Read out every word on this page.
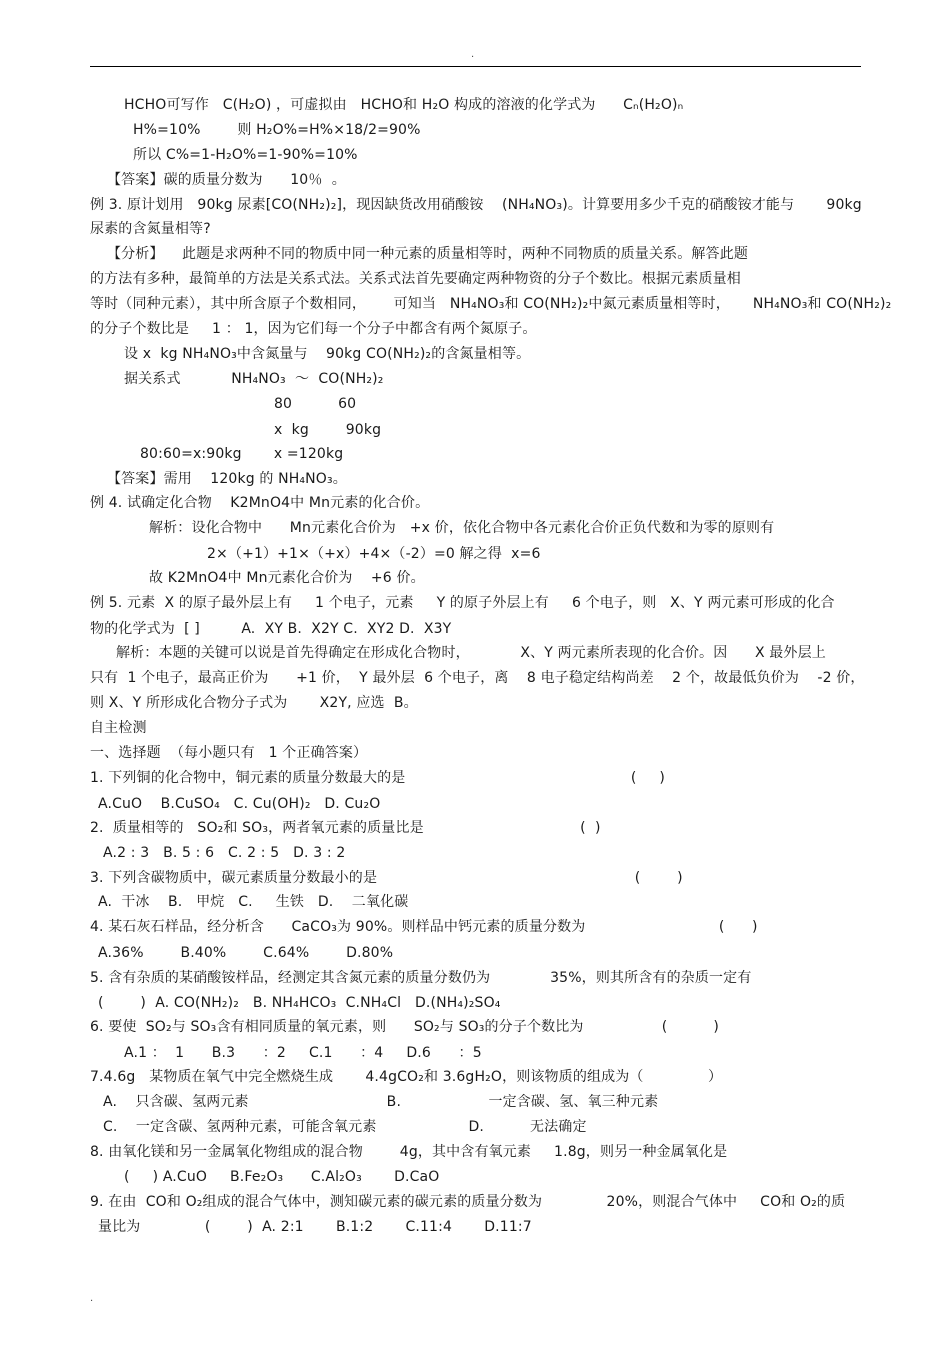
.
HCHO可写作   C(H₂O) ，可虚拟由   HCHO和 H₂O 构成的溶液的化学式为      Cₙ(H₂O)ₙ
H%=10%        则 H₂O%=H%×18/2=90%
所以 C%=1-H₂O%=1-90%=10%
【答案】碳的质量分数为      10％  。
例 3. 原计划用   90kg 尿素[CO(NH₂)₂]，现因缺货改用硝酸铵    (NH₄NO₃)。计算要用多少千克的硝酸铵才能与       90kg
尿素的含氮量相等?
【分析】    此题是求两种不同的物质中同一种元素的质量相等时，两种不同物质的质量关系。解答此题
的方法有多种，最简单的方法是关系式法。关系式法首先要确定两种物资的分子个数比。根据元素质量相
等时（同种元素），其中所含原子个数相同，      可知当   NH₄NO₃和 CO(NH₂)₂中氮元素质量相等时，     NH₄NO₃和 CO(NH₂)₂
的分子个数比是     1 ： 1，因为它们每一个分子中都含有两个氮原子。
设 x  kg NH₄NO₃中含氮量与    90kg CO(NH₂)₂的含氮量相等。
据关系式           NH₄NO₃  ～  CO(NH₂)₂
80          60
x  kg        90kg
80:60=x:90kg       x =120kg
【答案】需用    120kg 的 NH₄NO₃。
例 4. 试确定化合物    K2MnO4中 Mn元素的化合价。
解析：设化合物中      Mn元素化合价为   +x 价，依化合物中各元素化合价正负代数和为零的原则有
2×（+1）+1×（+x）+4×（-2）=0 解之得  x=6
故 K2MnO4中 Mn元素化合价为    +6 价。
例 5. 元素  X 的原子最外层上有     1 个电子，元素     Y 的原子外层上有     6 个电子，则   X、Y 两元素可形成的化合
物的化学式为  [ ]         A.  XY B.  X2Y C.  XY2 D.  X3Y
解析：本题的关键可以说是首先得确定在形成化合物时，           X、Y 两元素所表现的化合价。因      X 最外层上
只有  1 个电子，最高正价为      +1 价，  Y 最外层  6 个电子，离    8 电子稳定结构尚差    2 个，故最低负价为    -2 价，
则 X、Y 所形成化合物分子式为       X2Y, 应选  B。
自主检测
一、选择题  （每小题只有   1 个正确答案）
1. 下列铜的化合物中，铜元素的质量分数最大的是                                                 (     )
A.CuO    B.CuSO₄   C. Cu(OH)₂   D. Cu₂O
2.  质量相等的   SO₂和 SO₃，两者氧元素的质量比是                                  (  )
A.2 : 3   B. 5 : 6   C. 2 : 5   D. 3 : 2
3. 下列含碳物质中，碳元素质量分数最小的是                                                        (        )
A.  干冰    B.   甲烷   C.     生铁   D.    二氧化碳
4. 某石灰石样品，经分析含      CaCO₃为 90%。则样品中钙元素的质量分数为                             (      )
A.36%        B.40%        C.64%        D.80%
5. 含有杂质的某硝酸铵样品，经测定其含氮元素的质量分数仍为             35%，则其所含有的杂质一定有
(        )  A. CO(NH₂)₂   B. NH₄HCO₃  C.NH₄Cl   D.(NH₄)₂SO₄
6. 要使  SO₂与 SO₃含有相同质量的氧元素，则      SO₂与 SO₃的分子个数比为                 (          )
A.1 ：  1      B.3      ：2     C.1      ：4     D.6      ：5
7.4.6g   某物质在氧气中完全燃烧生成       4.4gCO₂和 3.6gH₂O，则该物质的组成为（              ）
A.    只含碳、氢两元素                              B.                   一定含碳、氢、氧三种元素
C.    一定含碳、氢两种元素，可能含氧元素                    D.          无法确定
8. 由氧化镁和另一金属氧化物组成的混合物        4g，其中含有氧元素     1.8g，则另一种金属氧化是
(     ) A.CuO     B.Fe₂O₃      C.Al₂O₃       D.CaO
9. 在由  CO和 O₂组成的混合气体中，测知碳元素的碳元素的质量分数为              20%，则混合气体中     CO和 O₂的质
量比为              (        )  A. 2:1       B.1:2       C.11:4       D.11:7
.
